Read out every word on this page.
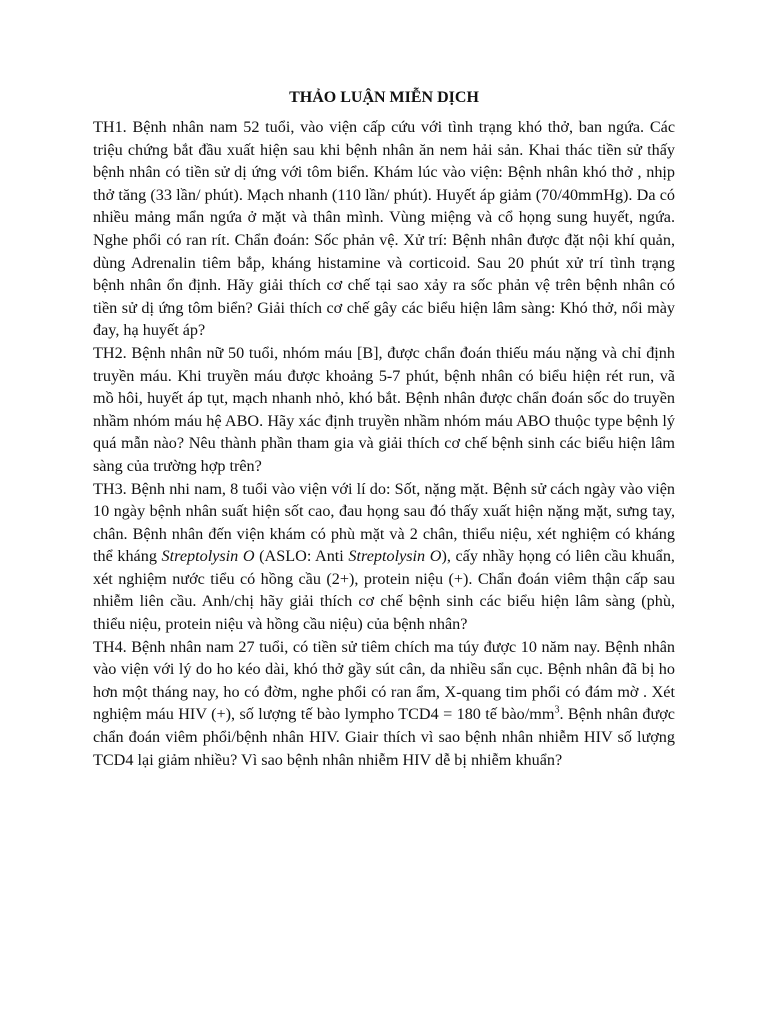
THẢO LUẬN MIỄN DỊCH

TH1. Bệnh nhân nam 52 tuổi, vào viện cấp cứu với tình trạng khó thở, ban ngứa. Các triệu chứng bắt đầu xuất hiện sau khi bệnh nhân ăn nem hải sản. Khai thác tiền sử thấy bệnh nhân có tiền sử dị ứng với tôm biển. Khám lúc vào viện: Bệnh nhân khó thở , nhịp thở tăng (33 lần/ phút). Mạch nhanh (110 lần/ phút). Huyết áp giảm (70/40mmHg). Da có nhiều mảng mẩn ngứa ở mặt và thân mình. Vùng miệng và cổ họng sung huyết, ngứa. Nghe phổi có ran rít. Chẩn đoán: Sốc phản vệ. Xử trí: Bệnh nhân được đặt nội khí quản, dùng Adrenalin tiêm bắp, kháng histamine và corticoid. Sau 20 phút xử trí tình trạng bệnh nhân ổn định. Hãy giải thích cơ chế tại sao xảy ra sốc phản vệ trên bệnh nhân có tiền sử dị ứng tôm biển? Giải thích cơ chế gây các biểu hiện lâm sàng: Khó thở, nổi mày đay, hạ huyết áp?

TH2. Bệnh nhân nữ 50 tuổi, nhóm máu [B], được chẩn đoán thiếu máu nặng và chỉ định truyền máu. Khi truyền máu được khoảng 5-7 phút, bệnh nhân có biểu hiện rét run, vã mồ hôi, huyết áp tụt, mạch nhanh nhỏ, khó bắt. Bệnh nhân được chẩn đoán sốc do truyền nhầm nhóm máu hệ ABO. Hãy xác định truyền nhầm nhóm máu ABO thuộc type bệnh lý quá mẫn nào? Nêu thành phần tham gia và giải thích cơ chế bệnh sinh các biểu hiện lâm sàng của trường hợp trên?

TH3. Bệnh nhi nam, 8 tuổi vào viện với lí do: Sốt, nặng mặt. Bệnh sử cách ngày vào viện 10 ngày bệnh nhân suất hiện sốt cao, đau họng sau đó thấy xuất hiện nặng mặt, sưng tay, chân. Bệnh nhân đến viện khám có phù mặt và 2 chân, thiểu niệu, xét nghiệm có kháng thể kháng Streptolysin O (ASLO: Anti Streptolysin O), cấy nhầy họng có liên cầu khuẩn, xét nghiệm nước tiểu có hồng cầu (2+), protein niệu (+). Chẩn đoán viêm thận cấp sau nhiễm liên cầu. Anh/chị hãy giải thích cơ chế bệnh sinh các biểu hiện lâm sàng (phù, thiểu niệu, protein niệu và hồng cầu niệu) của bệnh nhân?

TH4. Bệnh nhân nam 27 tuổi, có tiền sử tiêm chích ma túy được 10 năm nay. Bệnh nhân vào viện với lý do ho kéo dài, khó thở gầy sút cân, da nhiều sẩn cục. Bệnh nhân đã bị ho hơn một tháng nay, ho có đờm, nghe phổi có ran ẩm, X-quang tim phổi có đám mờ . Xét nghiệm máu HIV (+), số lượng tế bào lympho TCD4 = 180 tế bào/$mm^3$. Bệnh nhân được chẩn đoán viêm phổi/bệnh nhân HIV. Giair thích vì sao bệnh nhân nhiễm HIV số lượng TCD4 lại giảm nhiều? Vì sao bệnh nhân nhiễm HIV dễ bị nhiễm khuẩn?
